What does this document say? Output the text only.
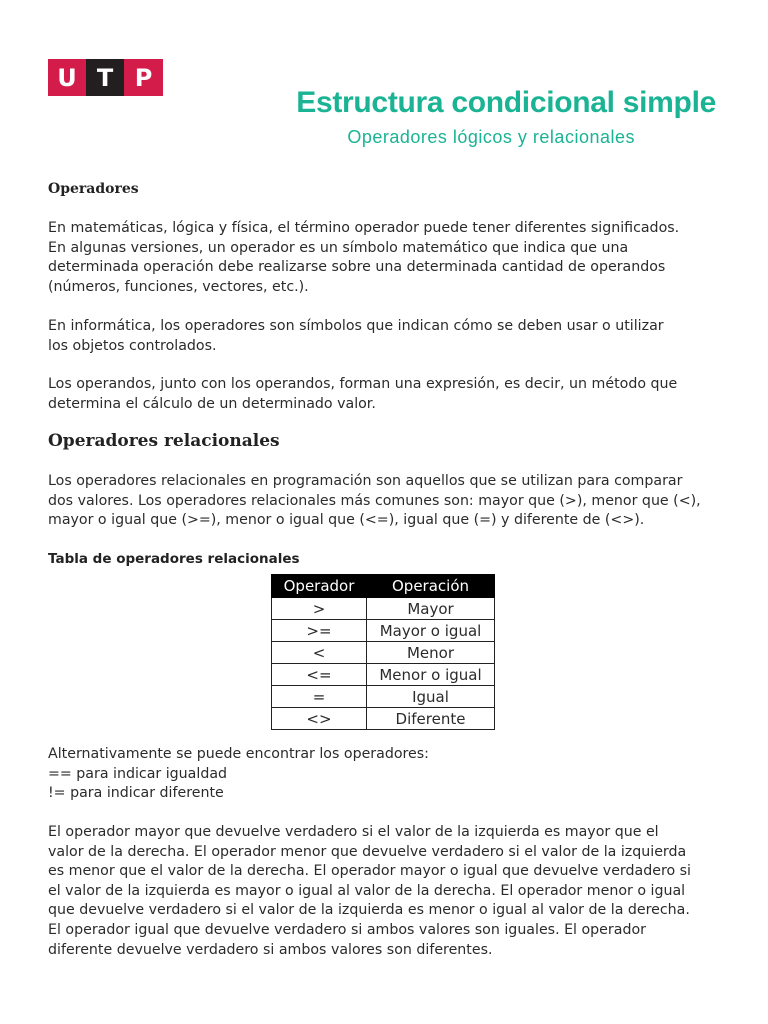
U T P
Estructura condicional simple
Operadores lógicos y relacionales
Operadores
En matemáticas, lógica y física, el término operador puede tener diferentes significados.
En algunas versiones, un operador es un símbolo matemático que indica que una
determinada operación debe realizarse sobre una determinada cantidad de operandos
(números, funciones, vectores, etc.).
En informática, los operadores son símbolos que indican cómo se deben usar o utilizar
los objetos controlados.
Los operandos, junto con los operandos, forman una expresión, es decir, un método que
determina el cálculo de un determinado valor.
Operadores relacionales
Los operadores relacionales en programación son aquellos que se utilizan para comparar
dos valores. Los operadores relacionales más comunes son: mayor que (>), menor que (<),
mayor o igual que (>=), menor o igual que (<=), igual que (=) y diferente de (<>).
Tabla de operadores relacionales
Operador	Operación
>	Mayor
>=	Mayor o igual
<	Menor
<=	Menor o igual
=	Igual
<>	Diferente
Alternativamente se puede encontrar los operadores:
== para indicar igualdad
!= para indicar diferente
El operador mayor que devuelve verdadero si el valor de la izquierda es mayor que el
valor de la derecha. El operador menor que devuelve verdadero si el valor de la izquierda
es menor que el valor de la derecha. El operador mayor o igual que devuelve verdadero si
el valor de la izquierda es mayor o igual al valor de la derecha. El operador menor o igual
que devuelve verdadero si el valor de la izquierda es menor o igual al valor de la derecha.
El operador igual que devuelve verdadero si ambos valores son iguales. El operador
diferente devuelve verdadero si ambos valores son diferentes.
